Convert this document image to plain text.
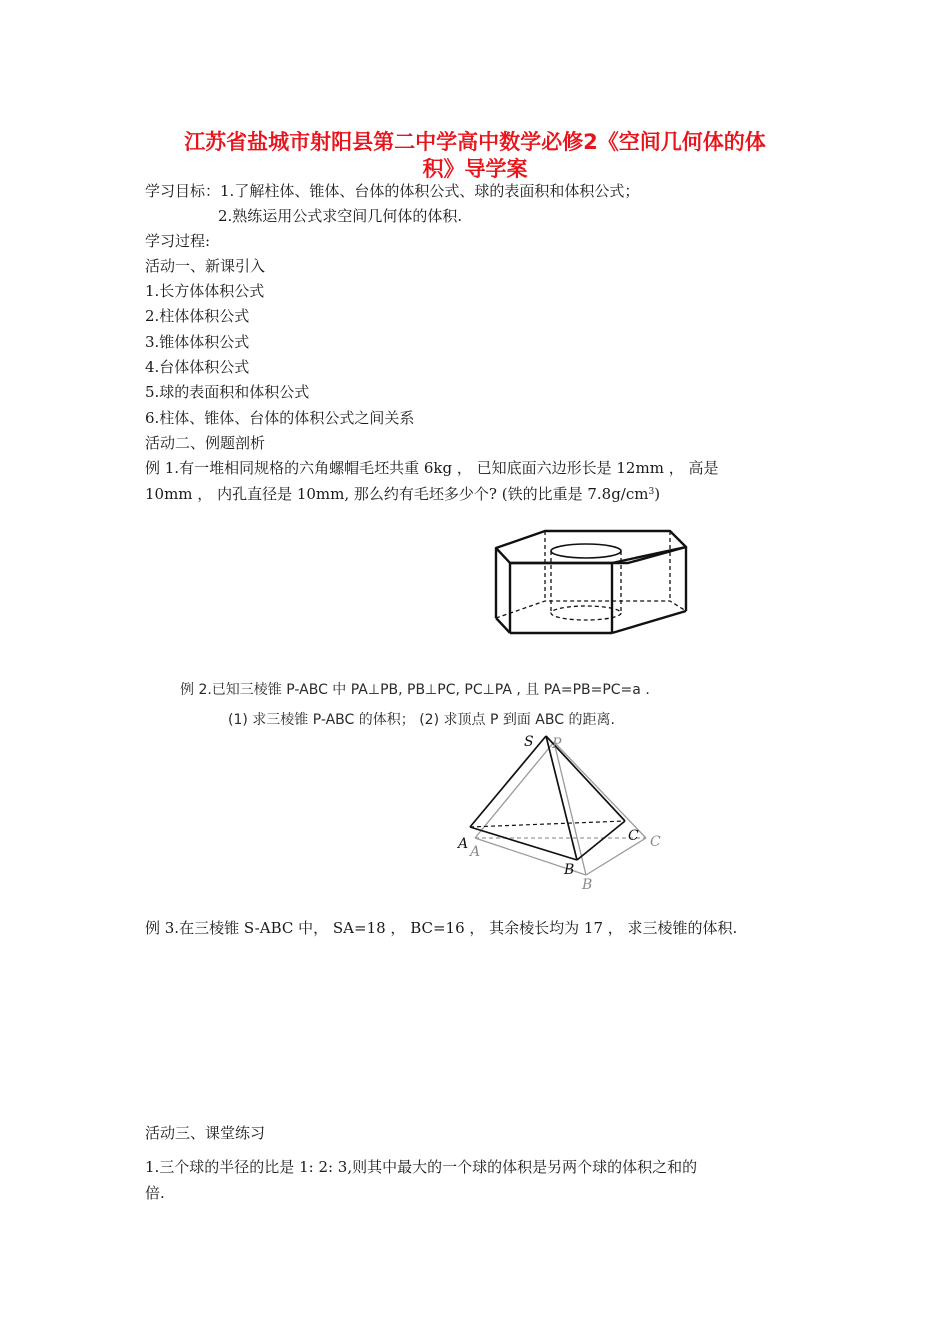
江苏省盐城市射阳县第二中学高中数学必修2《空间几何体的体
积》导学案
学习目标：1.了解柱体、锥体、台体的体积公式、球的表面积和体积公式；
2.熟练运用公式求空间几何体的体积.
学习过程:
活动一、新课引入
1.长方体体积公式
2.柱体体积公式
3.锥体体积公式
4.台体体积公式
5.球的表面积和体积公式
6.柱体、锥体、台体的体积公式之间关系
活动二、例题剖析
例 1.有一堆相同规格的六角螺帽毛坯共重 6kg ， 已知底面六边形长是 12mm ， 高是
10mm ， 内孔直径是 10mm, 那么约有毛坯多少个? (铁的比重是 $7.8g/cm^3$)
例 2.已知三棱锥 P-ABC 中 PA⊥PB, PB⊥PC, PC⊥PA , 且 PA=PB=PC=a .
(1) 求三棱锥 P-ABC 的体积； (2) 求顶点 P 到面 ABC 的距离.
S P
A A
B
B
C C
例 3.在三棱锥 S-ABC 中， SA=18 ， BC=16 ， 其余棱长均为 17 ， 求三棱锥的体积.
活动三、课堂练习
1.三个球的半径的比是 1: 2: 3,则其中最大的一个球的体积是另两个球的体积之和的
倍.
